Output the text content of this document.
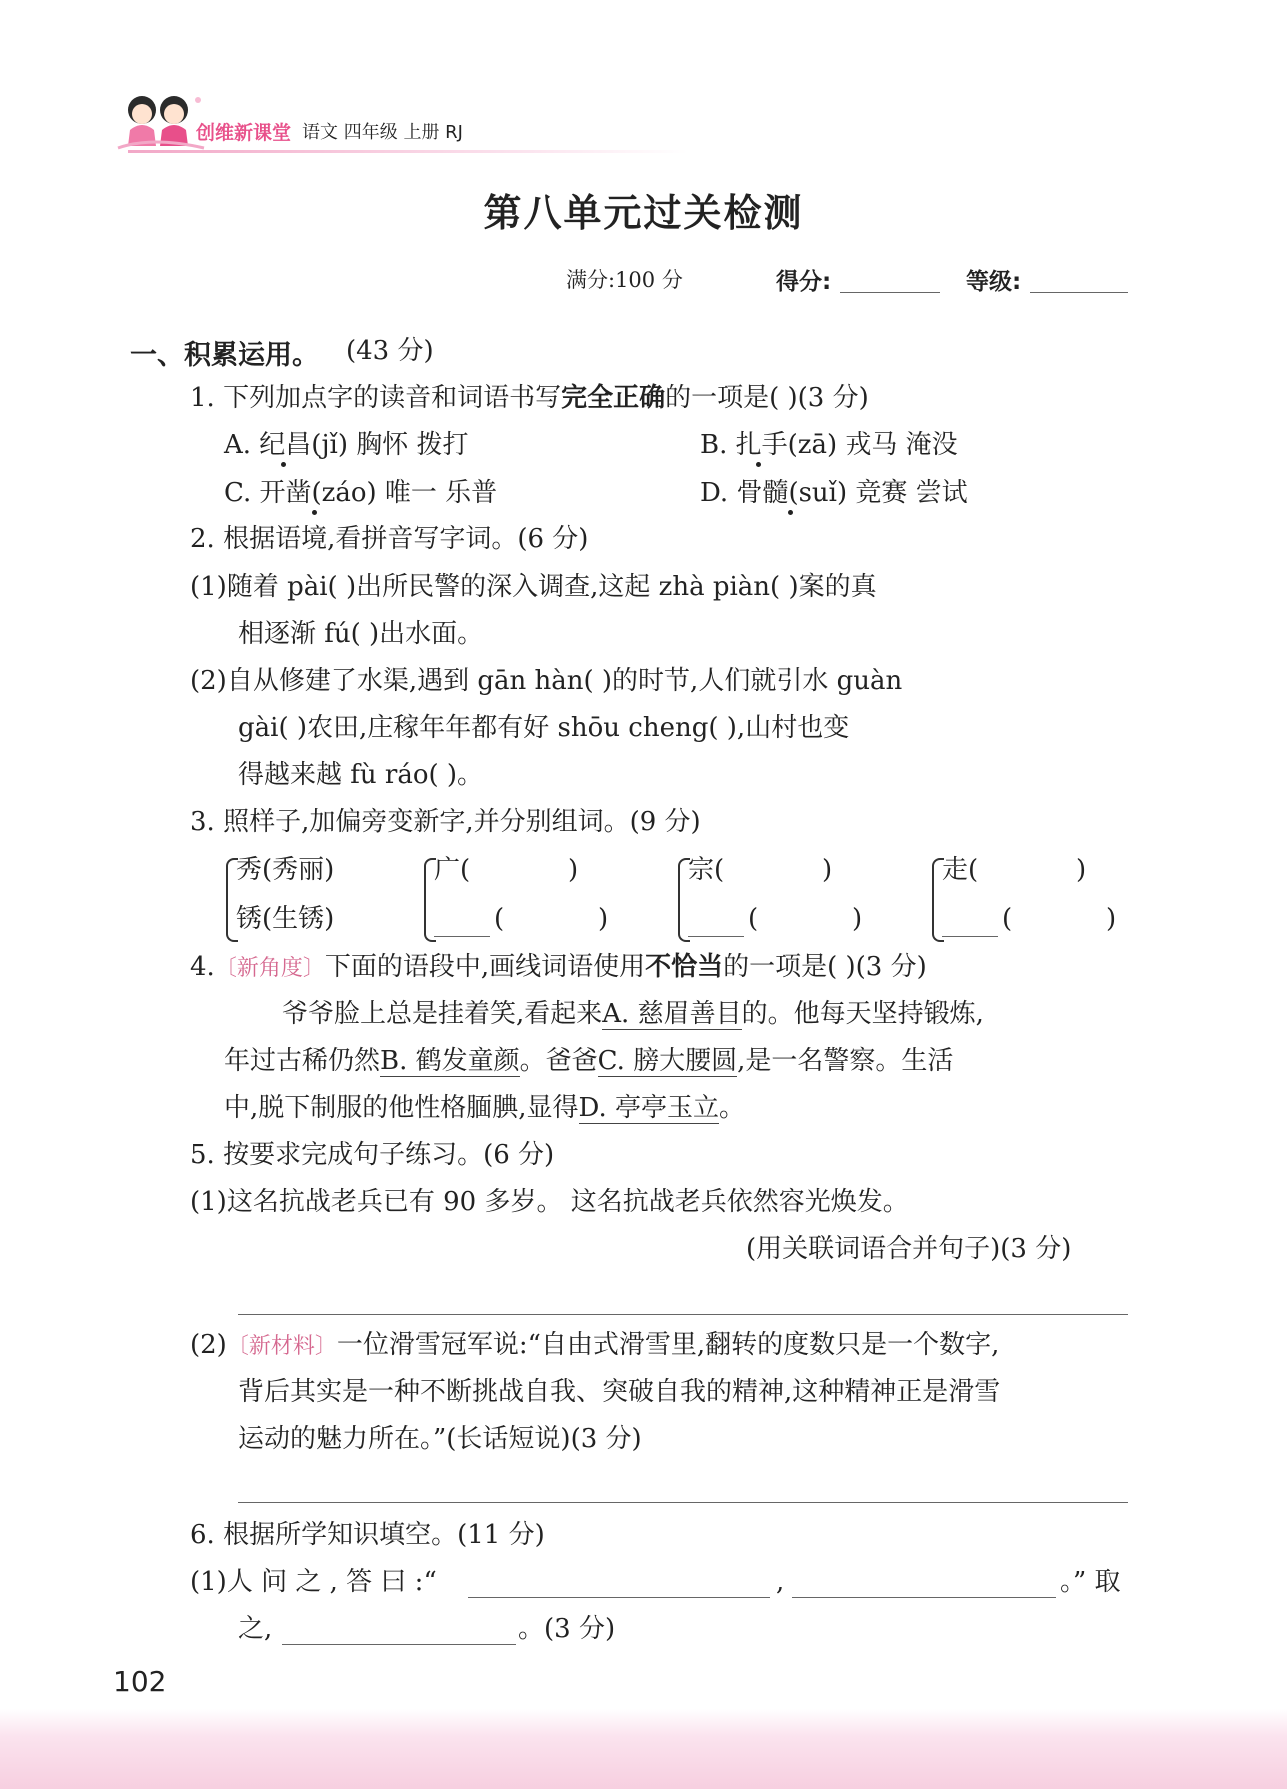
创维新课堂 语文 四年级 上册 RJ
第八单元过关检测
满分:100 分	得分:	等级:
一、积累运用。 (43 分)
1. 下列加点字的读音和词语书写完全正确的一项是( )(3 分)
A. 纪昌(jǐ) 胸怀 拨打	B. 扎手(zā) 戎马 淹没
C. 开凿(záo) 唯一 乐普	D. 骨髓(suǐ) 竞赛 尝试
2. 根据语境,看拼音写字词。(6 分)
(1)随着 pài( )出所民警的深入调查,这起 zhà piàn( )案的真
相逐渐 fú( )出水面。
(2)自从修建了水渠,遇到 gān hàn( )的时节,人们就引水 guàn
gài( )农田,庄稼年年都有好 shōu cheng( ),山村也变
得越来越 fù ráo( )。
3. 照样子,加偏旁变新字,并分别组词。(9 分)
秀(秀丽)
锈(生锈)
广(	)
(	)
宗(	)
(	)
走(	)
(	)
4.〔新角度〕下面的语段中,画线词语使用不恰当的一项是( )(3 分)
爷爷脸上总是挂着笑,看起来A. 慈眉善目的。他每天坚持锻炼,
年过古稀仍然B. 鹤发童颜。爸爸C. 膀大腰圆,是一名警察。生活
中,脱下制服的他性格腼腆,显得D. 亭亭玉立。
5. 按要求完成句子练习。(6 分)
(1)这名抗战老兵已有 90 多岁。 这名抗战老兵依然容光焕发。
(用关联词语合并句子)(3 分)
(2)〔新材料〕一位滑雪冠军说:“自由式滑雪里,翻转的度数只是一个数字,
背后其实是一种不断挑战自我、突破自我的精神,这种精神正是滑雪
运动的魅力所在。”(长话短说)(3 分)
6. 根据所学知识填空。(11 分)
(1)人 问 之 , 答 曰 :“	,	。” 取
之,	。(3 分)
102
